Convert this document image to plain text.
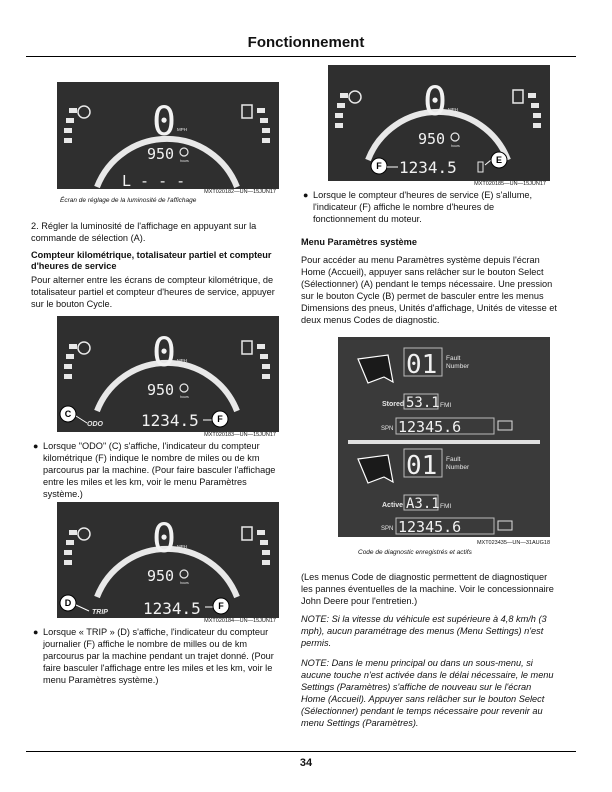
Fonctionnement
0 MPH
950 hours
L - - -
MXT020182—UN—15JUN17
Écran de réglage de la luminosité de l'affichage
2. Régler la luminosité de l'affichage en appuyant sur la commande de sélection (A).
Compteur kilométrique, totalisateur partiel et compteur d'heures de service
Pour alterner entre les écrans de compteur kilométrique, de totalisateur partiel et compteur d'heures de service, appuyer sur le bouton Cycle.
0 MPH
950 hours
C
ODO 1234.5 F
MXT020183—UN—15JUN17
● Lorsque "ODO" (C) s'affiche, l'indicateur du compteur kilométrique (F) indique le nombre de miles ou de km parcourus par la machine. (Pour faire basculer l'affichage entre les miles et les km, voir le menu Paramètres système.)
0 MPH
950 hours
D
TRIP 1234.5 F
MXT020184—UN—15JUN17
● Lorsque « TRIP » (D) s'affiche, l'indicateur du compteur journalier (F) affiche le nombre de milles ou de km parcourus par la machine pendant un trajet donné. (Pour faire basculer l'affichage entre les miles et les km, voir le menu Paramètres système.)
0 MPH
950 hours
F 1234.5	E
MXT020185—UN—15JUN17
● Lorsque le compteur d'heures de service (E) s'allume, l'indicateur (F) affiche le nombre d'heures de fonctionnement du moteur.
Menu Paramètres système
Pour accéder au menu Paramètres système depuis l'écran Home (Accueil), appuyer sans relâcher sur le bouton Select (Sélectionner) (A) pendant le temps nécessaire. Une pression sur le bouton Cycle (B) permet de basculer entre les menus Dimensions des pneus, Unités d'affichage, Unités de vitesse et deux menus Codes de diagnostic.
01 Fault
Number
Stored 53.1 FMI
SPN 12345.6
01 Fault
Number
Active A3.1 FMI
SPN 12345.6
MXT023435—UN—31AUG18
Code de diagnostic enregistrés et actifs
(Les menus Code de diagnostic permettent de diagnostiquer les pannes éventuelles de la machine. Voir le concessionnaire John Deere pour l'entretien.)
NOTE: Si la vitesse du véhicule est supérieure à 4,8 km/h (3 mph), aucun paramétrage des menus (Menu Settings) n'est permis.
NOTE: Dans le menu principal ou dans un sous-menu, si aucune touche n'est activée dans le délai nécessaire, le menu Settings (Paramètres) s'affiche de nouveau sur le l'écran Home (Accueil). Appuyer sans relâcher sur le bouton Select (Sélectionner) pendant le temps nécessaire pour revenir au menu Settings (Paramètres).
34
